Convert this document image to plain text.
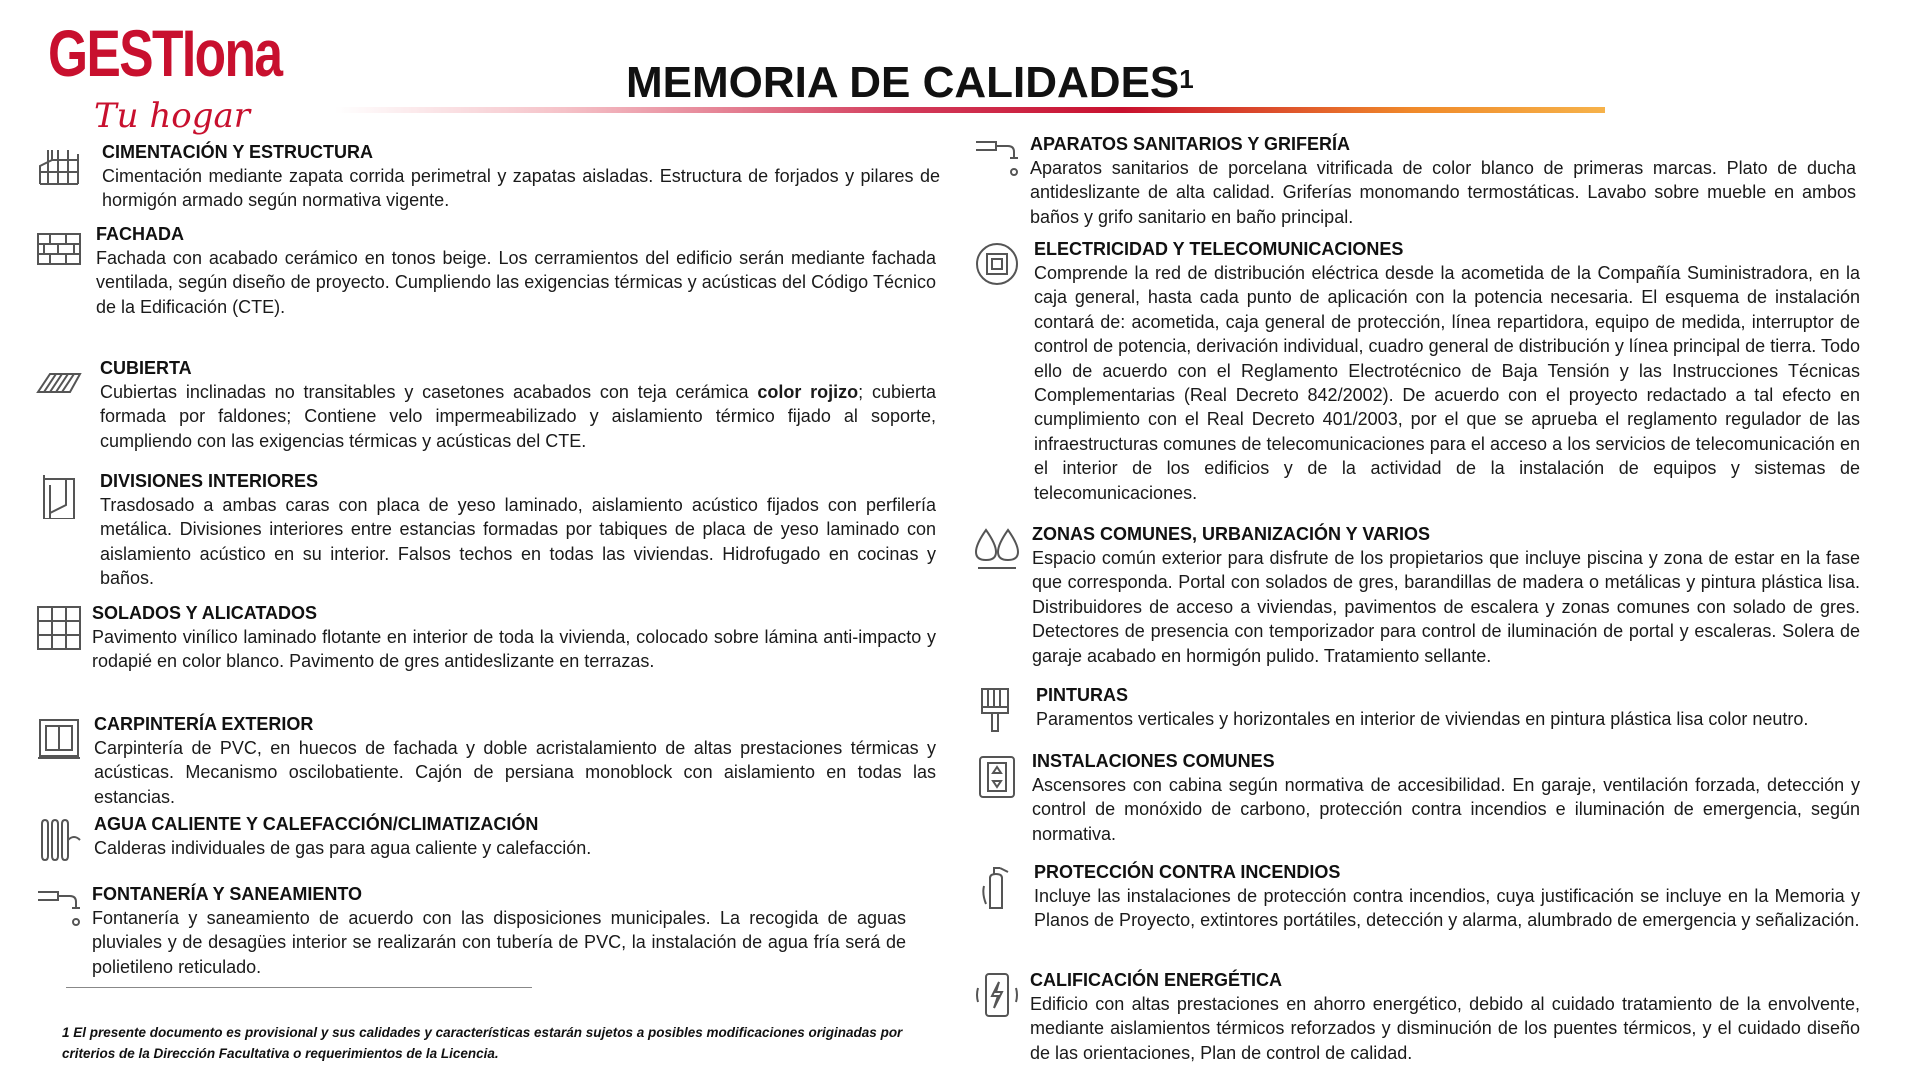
GESTIona
Tu hogar
MEMORIA DE CALIDADES$^1$
CIMENTACIÓN Y ESTRUCTURA

Cimentación mediante zapata corrida perimetral y zapatas aisladas. Estructura de forjados y pilares de hormigón armado según normativa vigente.

FACHADA

Fachada con acabado cerámico en tonos beige. Los cerramientos del edificio serán mediante fachada ventilada, según diseño de proyecto. Cumpliendo las exigencias térmicas y acústicas del Código Técnico de la Edificación (CTE).

CUBIERTA

Cubiertas inclinadas no transitables y casetones acabados con teja cerámica color rojizo; cubierta formada por faldones; Contiene velo impermeabilizado y aislamiento térmico fijado al soporte, cumpliendo con las exigencias térmicas y acústicas del CTE.

DIVISIONES INTERIORES

Trasdosado a ambas caras con placa de yeso laminado, aislamiento acústico fijados con perfilería metálica. Divisiones interiores entre estancias formadas por tabiques de placa de yeso laminado con aislamiento acústico en su interior. Falsos techos en todas las viviendas. Hidrofugado en cocinas y baños.

SOLADOS Y ALICATADOS

Pavimento vinílico laminado flotante en interior de toda la vivienda, colocado sobre lámina anti-impacto y rodapié en color blanco. Pavimento de gres antideslizante en terrazas.

CARPINTERÍA EXTERIOR

Carpintería de PVC, en huecos de fachada y doble acristalamiento de altas prestaciones térmicas y acústicas. Mecanismo oscilobatiente. Cajón de persiana monoblock con aislamiento en todas las estancias.

AGUA CALIENTE Y CALEFACCIÓN/CLIMATIZACIÓN

Calderas individuales de gas para agua caliente y calefacción.

FONTANERÍA Y SANEAMIENTO

Fontanería y saneamiento de acuerdo con las disposiciones municipales. La recogida de aguas pluviales y de desagües interior se realizarán con tubería de PVC, la instalación de agua fría será de polietileno reticulado.

APARATOS SANITARIOS Y GRIFERÍA

Aparatos sanitarios de porcelana vitrificada de color blanco de primeras marcas. Plato de ducha antideslizante de alta calidad. Griferías monomando termostáticas. Lavabo sobre mueble en ambos baños y grifo sanitario en baño principal.

ELECTRICIDAD Y TELECOMUNICACIONES

Comprende la red de distribución eléctrica desde la acometida de la Compañía Suministradora, en la caja general, hasta cada punto de aplicación con la potencia necesaria. El esquema de instalación contará de: acometida, caja general de protección, línea repartidora, equipo de medida, interruptor de control de potencia, derivación individual, cuadro general de distribución y línea principal de tierra. Todo ello de acuerdo con el Reglamento Electrotécnico de Baja Tensión y las Instrucciones Técnicas Complementarias (Real Decreto 842/2002). De acuerdo con el proyecto redactado a tal efecto en cumplimiento con el Real Decreto 401/2003, por el que se aprueba el reglamento regulador de las infraestructuras comunes de telecomunicaciones para el acceso a los servicios de telecomunicación en el interior de los edificios y de la actividad de la instalación de equipos y sistemas de telecomunicaciones.

ZONAS COMUNES, URBANIZACIÓN Y VARIOS

Espacio común exterior para disfrute de los propietarios que incluye piscina y zona de estar en la fase que corresponda. Portal con solados de gres, barandillas de madera o metálicas y pintura plástica lisa. Distribuidores de acceso a viviendas, pavimentos de escalera y zonas comunes con solado de gres. Detectores de presencia con temporizador para control de iluminación de portal y escaleras. Solera de garaje acabado en hormigón pulido. Tratamiento sellante.

PINTURAS

Paramentos verticales y horizontales en interior de viviendas en pintura plástica lisa color neutro.

INSTALACIONES COMUNES

Ascensores con cabina según normativa de accesibilidad. En garaje, ventilación forzada, detección y control de monóxido de carbono, protección contra incendios e iluminación de emergencia, según normativa.

PROTECCIÓN CONTRA INCENDIOS

Incluye las instalaciones de protección contra incendios, cuya justificación se incluye en la Memoria y Planos de Proyecto, extintores portátiles, detección y alarma, alumbrado de emergencia y señalización.

CALIFICACIÓN ENERGÉTICA

Edificio con altas prestaciones en ahorro energético, debido al cuidado tratamiento de la envolvente, mediante aislamientos térmicos reforzados y disminución de los puentes térmicos, y el cuidado diseño de las orientaciones, Plan de control de calidad.

1 El presente documento es provisional y sus calidades y características estarán sujetos a posibles modificaciones originadas por criterios de la Dirección Facultativa o requerimientos de la Licencia.
